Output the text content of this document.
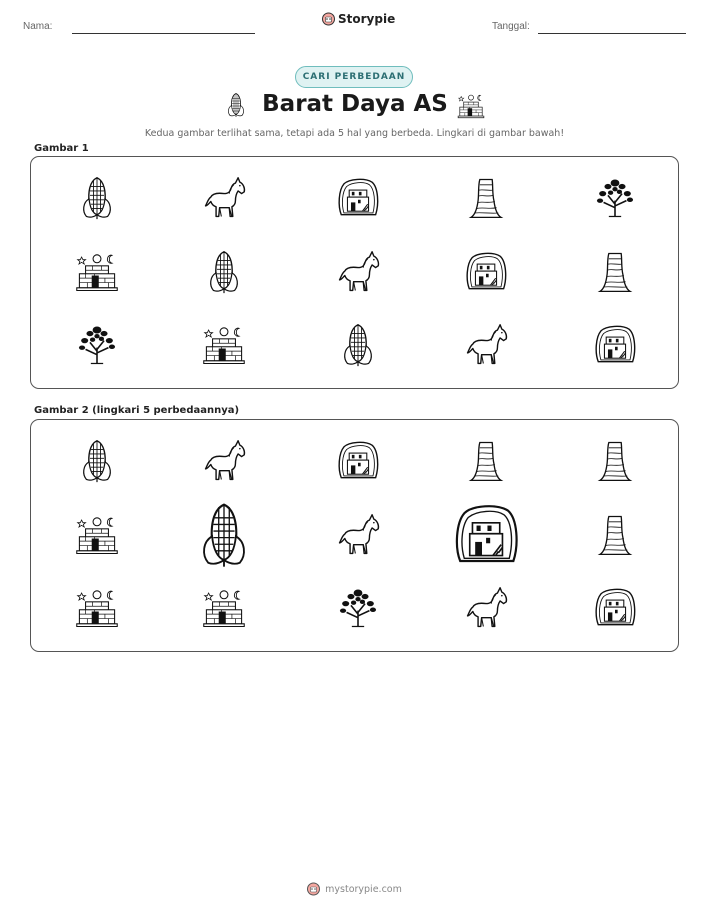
Nama:
Storypie
Tanggal:
CARI PERBEDAAN
Barat Daya AS
Kedua gambar terlihat sama, tetapi ada 5 hal yang berbeda. Lingkari di gambar bawah!
Gambar 1
Gambar 2 (lingkari 5 perbedaannya)
mystorypie.com
